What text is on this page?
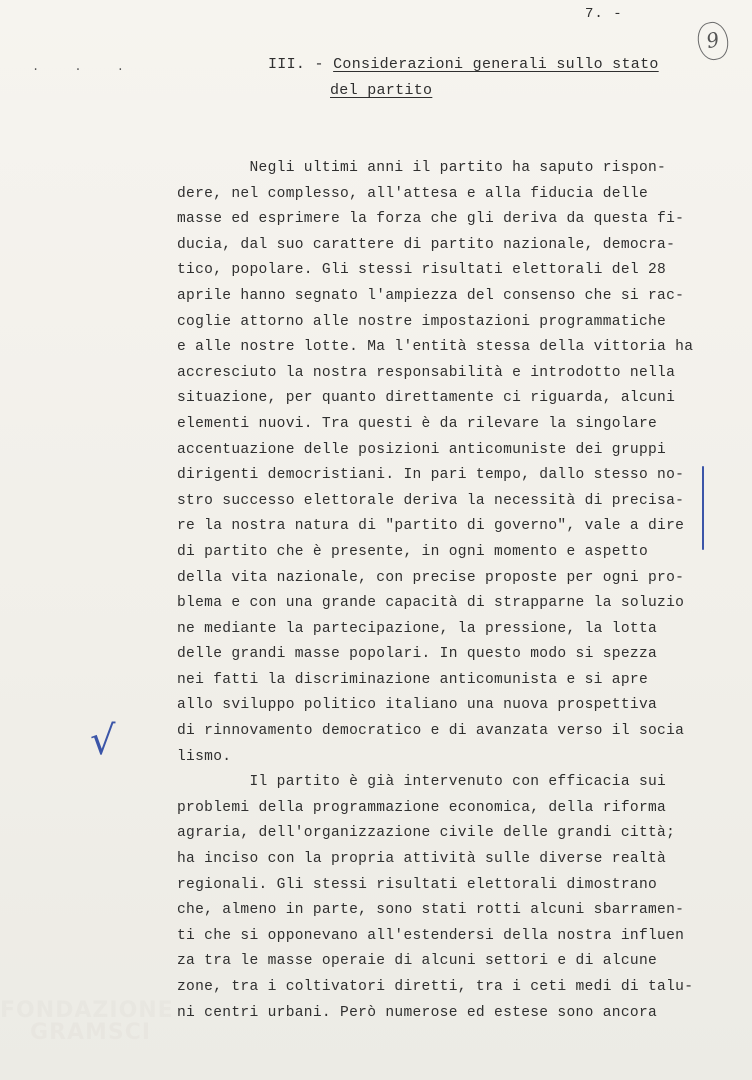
7. -
9
. . .	III. - Considerazioni generali sullo stato
del partito
Negli ultimi anni il partito ha saputo rispon-
dere, nel complesso, all'attesa e alla fiducia delle
masse ed esprimere la forza che gli deriva da questa fi-
ducia, dal suo carattere di partito nazionale, democra-
tico, popolare. Gli stessi risultati elettorali del 28
aprile hanno segnato l'ampiezza del consenso che si rac-
coglie attorno alle nostre impostazioni programmatiche
e alle nostre lotte. Ma l'entità stessa della vittoria ha
accresciuto la nostra responsabilità e introdotto nella
situazione, per quanto direttamente ci riguarda, alcuni
elementi nuovi. Tra questi è da rilevare la singolare
accentuazione delle posizioni anticomuniste dei gruppi
dirigenti democristiani. In pari tempo, dallo stesso no-
stro successo elettorale deriva la necessità di precisa-
re la nostra natura di "partito di governo", vale a dire
di partito che è presente, in ogni momento e aspetto
della vita nazionale, con precise proposte per ogni pro-
blema e con una grande capacità di strapparne la soluzio
ne mediante la partecipazione, la pressione, la lotta
delle grandi masse popolari. In questo modo si spezza
nei fatti la discriminazione anticomunista e si apre
allo sviluppo politico italiano una nuova prospettiva
di rinnovamento democratico e di avanzata verso il socia
lismo.
Il partito è già intervenuto con efficacia sui
problemi della programmazione economica, della riforma
agraria, dell'organizzazione civile delle grandi città;
ha inciso con la propria attività sulle diverse realtà
regionali. Gli stessi risultati elettorali dimostrano
che, almeno in parte, sono stati rotti alcuni sbarramen-
ti che si opponevano all'estendersi della nostra influen
za tra le masse operaie di alcuni settori e di alcune
zone, tra i coltivatori diretti, tra i ceti medi di talu-
ni centri urbani. Però numerose ed estese sono ancora
√
FONDAZIONE
GRAMSCI
